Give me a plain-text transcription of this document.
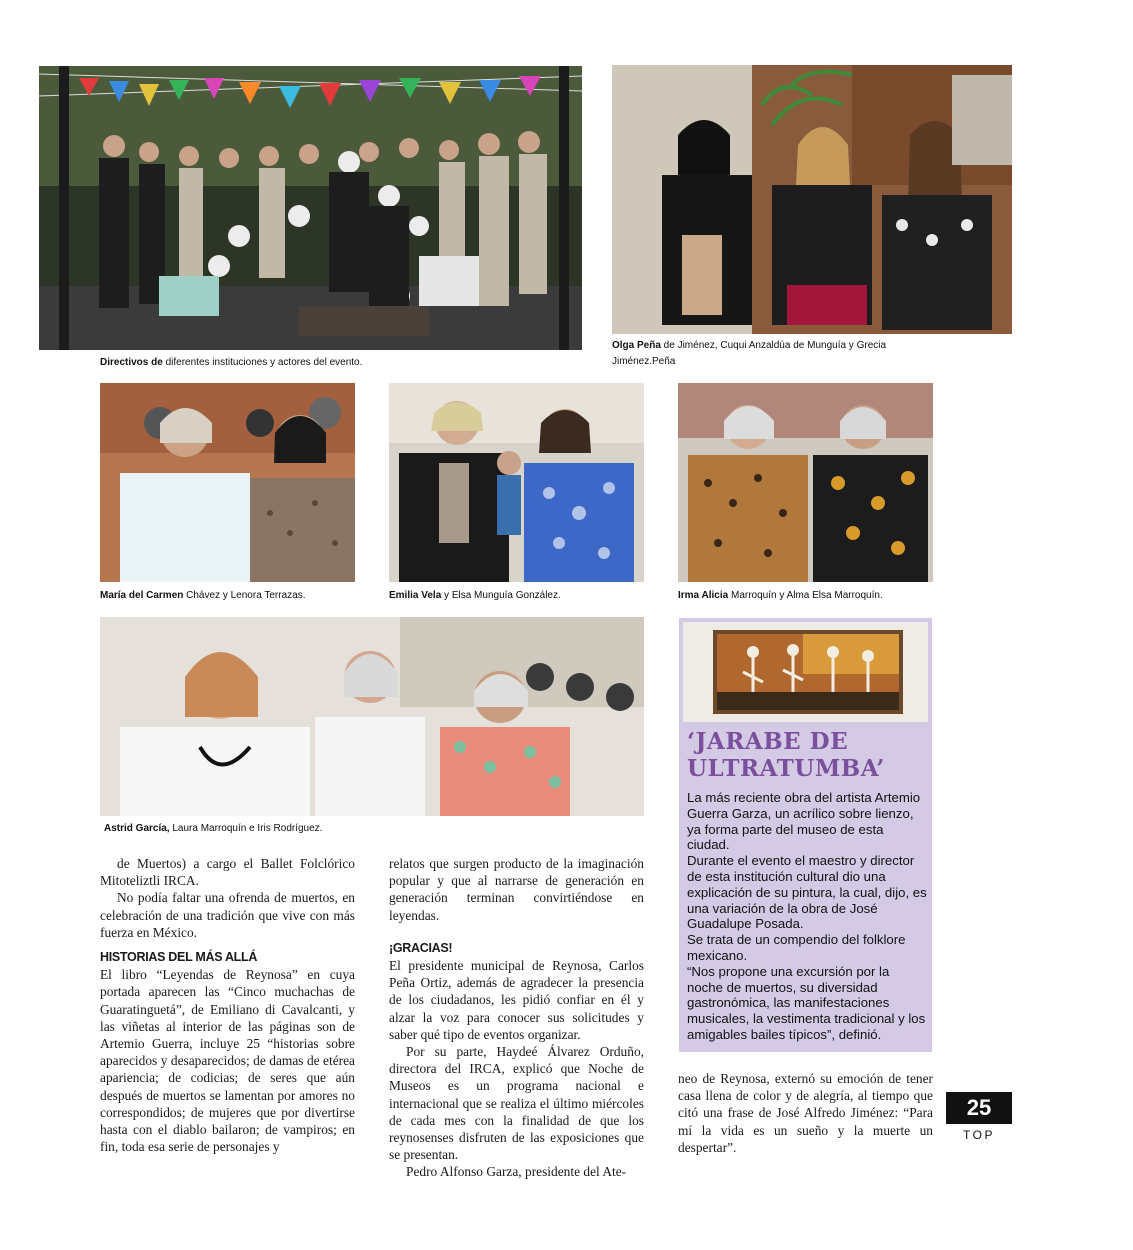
Directivos de diferentes instituciones y actores del evento.
Olga Peña de Jiménez, Cuqui Anzaldúa de Munguía y Grecia Jiménez.Peña
María del Carmen Chávez y Lenora Terrazas.	Emilia Vela y Elsa Munguía González.	Irma Alicia Marroquín y Alma Elsa Marroquín.
Astrid García, Laura Marroquín e Iris Rodríguez.

de Muertos) a cargo el Ballet Folclórico Mitoteliztli IRCA.

No podía faltar una ofrenda de muertos, en celebración de una tradición que vive con más fuerza en México.

HISTORIAS DEL MÁS ALLÁ

El libro “Leyendas de Reynosa” en cuya portada aparecen las “Cinco muchachas de Guaratinguetá”, de Emiliano di Cavalcanti, y las viñetas al interior de las páginas son de Artemio Guerra, incluye 25 “historias sobre aparecidos y desaparecidos; de damas de etérea apariencia; de codicias; de seres que aún después de muertos se lamentan por amores no correspondidos; de mujeres que por divertirse hasta con el diablo bailaron; de vampiros; en fin, toda esa serie de personajes y

relatos que surgen producto de la imaginación popular y que al narrarse de generación en generación terminan convirtiéndose en leyendas.

¡GRACIAS!

El presidente municipal de Reynosa, Carlos Peña Ortiz, además de agradecer la presencia de los ciudadanos, les pidió confiar en él y alzar la voz para conocer sus solicitudes y saber qué tipo de eventos organizar.

Por su parte, Haydeé Álvarez Orduño, directora del IRCA, explicó que Noche de Museos es un programa nacional e internacional que se realiza el último miércoles de cada mes con la finalidad de que los reynosenses disfruten de las exposiciones que se presentan.

Pedro Alfonso Garza, presidente del Ate-

neo de Reynosa, externó su emoción de tener casa llena de color y de alegría, al tiempo que citó una frase de José Alfredo Jiménez: “Para mí la vida es un sueño y la muerte un despertar”.

‘JARABE DE
ULTRATUMBA’

La más reciente obra del artista Artemio Guerra Garza, un acrílico sobre lienzo, ya forma parte del museo de esta ciudad.

Durante el evento el maestro y director de esta institución cultural dio una explicación de su pintura, la cual, dijo, es una variación de la obra de José Guadalupe Posada.

Se trata de un compendio del folklore mexicano.

“Nos propone una excursión por la noche de muertos, su diversidad gastronómica, las manifestaciones musicales, la vestimenta tradicional y los amigables bailes típicos”, definió.

25
TOP
